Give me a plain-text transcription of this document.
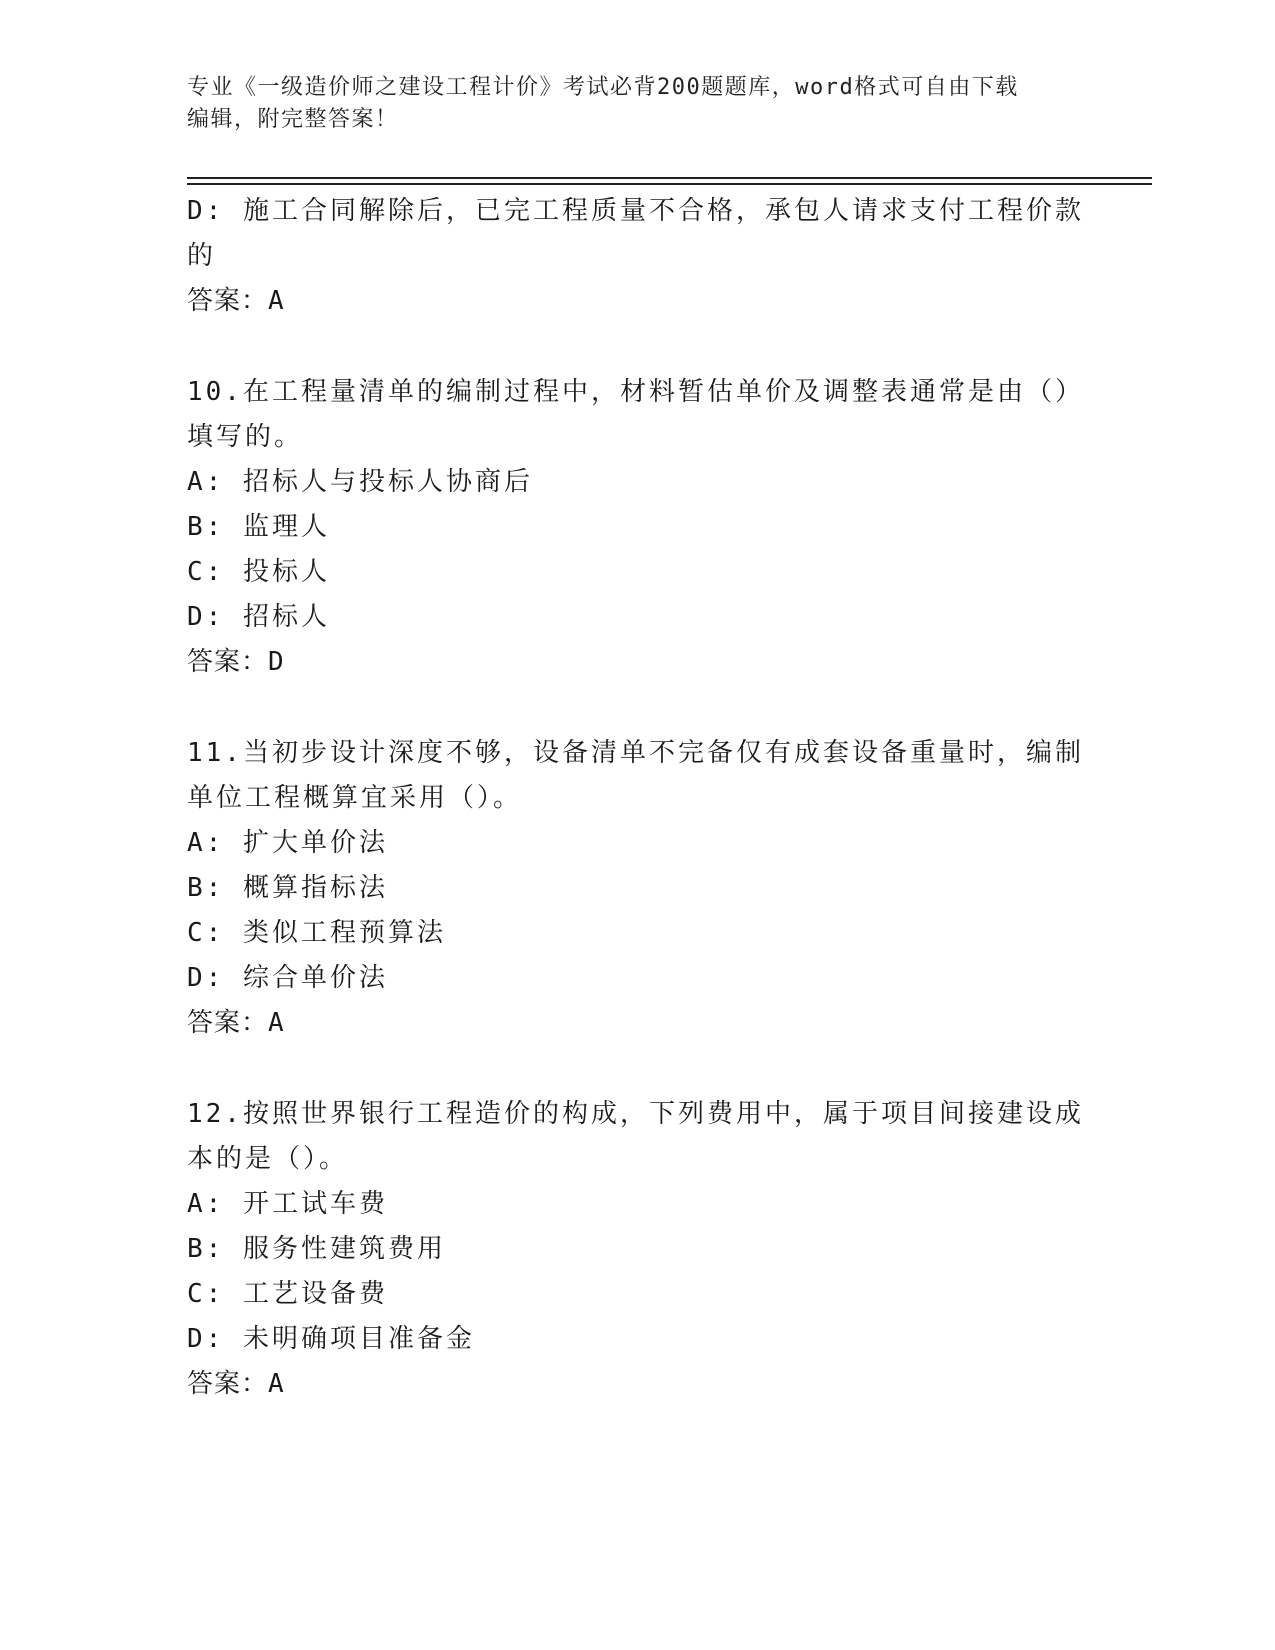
专业《一级造价师之建设工程计价》考试必背200题题库，word格式可自由下载
编辑，附完整答案！
D: 施工合同解除后，已完工程质量不合格，承包人请求支付工程价款
的
答案：A
10.在工程量清单的编制过程中，材料暂估单价及调整表通常是由（）
填写的。
A: 招标人与投标人协商后
B: 监理人
C: 投标人
D: 招标人
答案：D
11.当初步设计深度不够，设备清单不完备仅有成套设备重量时，编制
单位工程概算宜采用（）。
A: 扩大单价法
B: 概算指标法
C: 类似工程预算法
D: 综合单价法
答案：A
12.按照世界银行工程造价的构成，下列费用中，属于项目间接建设成
本的是（）。
A: 开工试车费
B: 服务性建筑费用
C: 工艺设备费
D: 未明确项目准备金
答案：A
